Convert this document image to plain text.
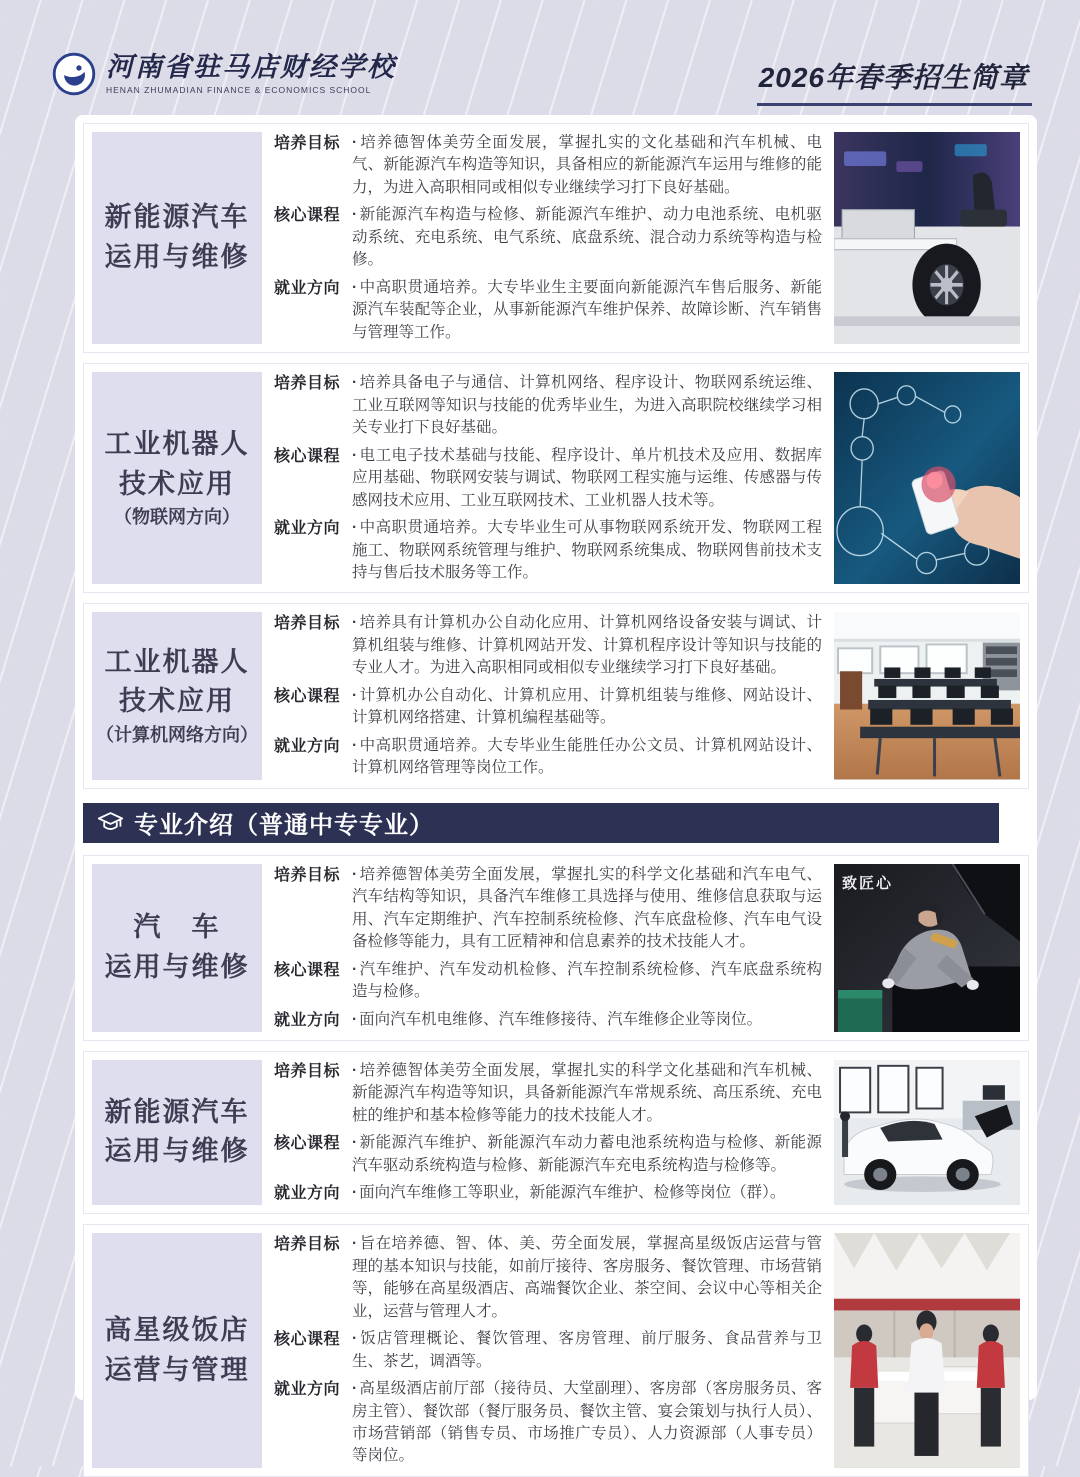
河南省驻马店财经学校
HENAN ZHUMADIAN FINANCE & ECONOMICS SCHOOL	2026年春季招生简章
新能源汽车
运用与维修
培养目标 · 培养德智体美劳全面发展，掌握扎实的文化基础和汽车机械、电气、新能源汽车构造等知识，具备相应的新能源汽车运用与维修的能力，为进入高职相同或相似专业继续学习打下良好基础。

核心课程 · 新能源汽车构造与检修、新能源汽车维护、动力电池系统、电机驱动系统、充电系统、电气系统、底盘系统、混合动力系统等构造与检修。

就业方向 · 中高职贯通培养。大专毕业生主要面向新能源汽车售后服务、新能源汽车装配等企业，从事新能源汽车维护保养、故障诊断、汽车销售与管理等工作。

工业机器人
技术应用
（物联网方向）
培养目标 · 培养具备电子与通信、计算机网络、程序设计、物联网系统运维、工业互联网等知识与技能的优秀毕业生，为进入高职院校继续学习相关专业打下良好基础。

核心课程 · 电工电子技术基础与技能、程序设计、单片机技术及应用、数据库应用基础、物联网安装与调试、物联网工程实施与运维、传感器与传感网技术应用、工业互联网技术、工业机器人技术等。

就业方向 · 中高职贯通培养。大专毕业生可从事物联网系统开发、物联网工程施工、物联网系统管理与维护、物联网系统集成、物联网售前技术支持与售后技术服务等工作。

工业机器人
技术应用
（计算机网络方向）
培养目标 · 培养具有计算机办公自动化应用、计算机网络设备安装与调试、计算机组装与维修、计算机网站开发、计算机程序设计等知识与技能的专业人才。为进入高职相同或相似专业继续学习打下良好基础。

核心课程 · 计算机办公自动化、计算机应用、计算机组装与维修、网站设计、计算机网络搭建、计算机编程基础等。

就业方向 · 中高职贯通培养。大专毕业生能胜任办公文员、计算机网站设计、计算机网络管理等岗位工作。

专业介绍（普通中专专业）
汽　车
运用与维修
培养目标 · 培养德智体美劳全面发展，掌握扎实的科学文化基础和汽车电气、汽车结构等知识，具备汽车维修工具选择与使用、维修信息获取与运用、汽车定期维护、汽车控制系统检修、汽车底盘检修、汽车电气设备检修等能力，具有工匠精神和信息素养的技术技能人才。

核心课程 · 汽车维护、汽车发动机检修、汽车控制系统检修、汽车底盘系统构造与检修。

就业方向 · 面向汽车机电维修、汽车维修接待、汽车维修企业等岗位。

致匠心
新能源汽车
运用与维修
培养目标 · 培养德智体美劳全面发展，掌握扎实的科学文化基础和汽车机械、新能源汽车构造等知识，具备新能源汽车常规系统、高压系统、充电桩的维护和基本检修等能力的技术技能人才。

核心课程 · 新能源汽车维护、新能源汽车动力蓄电池系统构造与检修、新能源汽车驱动系统构造与检修、新能源汽车充电系统构造与检修等。

就业方向 · 面向汽车维修工等职业，新能源汽车维护、检修等岗位（群）。

高星级饭店
运营与管理
培养目标 · 旨在培养德、智、体、美、劳全面发展，掌握高星级饭店运营与管理的基本知识与技能，如前厅接待、客房服务、餐饮管理、市场营销等，能够在高星级酒店、高端餐饮企业、茶空间、会议中心等相关企业，运营与管理人才。

核心课程 · 饭店管理概论、餐饮管理、客房管理、前厅服务、食品营养与卫生、茶艺，调酒等。

就业方向 · 高星级酒店前厅部（接待员、大堂副理）、客房部（客房服务员、客房主管）、餐饮部（餐厅服务员、餐饮主管、宴会策划与执行人员）、市场营销部（销售专员、市场推广专员）、人力资源部（人事专员）等岗位。
